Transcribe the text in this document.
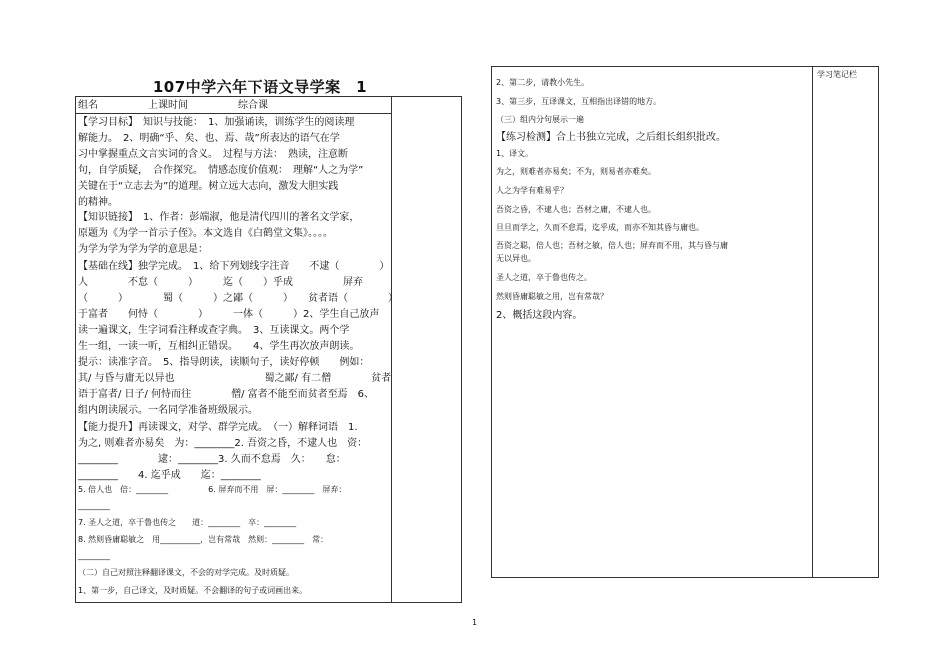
107中学六年下语文导学案　1
组名　　　　　上课时间　　　　　综合课
【学习目标】　知识与技能：　1、加强诵读，训练学生的阅读理
解能力。　2、明确“乎、矣、也、焉、哉”所表达的语气在学
习中掌握重点文言实词的含义。　过程与方法：　熟读，注意断
句，自学质疑，　合作探究。　情感态度价值观：　理解“人之为学”
关键在于“立志去为”的道理。树立远大志向，激发大胆实践
的精神。
【知识链接】　1、作者：彭端淑，他是清代四川的著名文学家，
原题为《为学一首示子侄》。本文选自《白鹤堂文集》。。。。
为学为学为学为学的意思是：
【基础在线】独学完成。　1、给下列划线字注音　　不逮（　　　　）
人　　　　不怠（　　　）　　　迄（　　）乎成　　　　　屏弃
（　　　）　　　　蜀（　　　）之鄙（　　　）　　贫者语（　　　　）
于富者　　何恃（　　　　）　　　一体（　　　）2、学生自己放声
读一遍课文，生字词看注释或查字典。　3、互读课文。两个学
生一组，一读一听，互相纠正错误。　　4、学生再次放声朗读。
提示：读准字音。　5、指导朗读，读顺句子，读好停顿　　例如：
其/ 与昏与庸无以异也　　　　　　　　　蜀之鄙/ 有二僧　　　　贫者
语于富者/ 日子/ 何恃而往　　　　僧/ 富者不能至而贫者至焉　6、
组内朗读展示。一名同学准备班级展示。
【能力提升】再读课文，对学、群学完成。　（一）解释词语　1.
为之, 则难者亦易矣　为：________2. 吾资之昏，不逮人也　资：
________　　　　逮：________3. 久而不怠焉　久：　　怠：
________　　4. 迄乎成　　迄：________
5. 倍人也　倍：________　　　　　6. 屏弃而不用　屏：________　屏弃：
________
7. 圣人之道，卒于鲁也传之　　道：________　卒：________
8. 然则昏庸聪敏之　用__________，岂有常哉　然则：________　常：
________
（二）自己对照注释翻译课文，不会的对学完成。及时质疑。
1、第一步，自己译文，及时质疑。不会翻译的句子或词画出来。
学习笔记栏
2、第二步，请教小先生。
3、第三步，互译课文，互相指出译错的地方。
（三）组内分句展示一遍
【练习检测】合上书独立完成，之后组长组织批改。
1、译文。
为之，则难者亦易矣；不为，则易者亦难矣。
人之为学有难易乎？
吾资之昏，不逮人也；吾材之庸，不逮人也。
旦旦而学之，久而不怠焉，迄乎成，而亦不知其昏与庸也。
吾资之聪，倍人也；吾材之敏，倍人也；屏弃而不用，其与昏与庸
无以异也。
圣人之道，卒于鲁也传之。
然则昏庸聪敏之用，岂有常哉？
2、概括这段内容。
1
